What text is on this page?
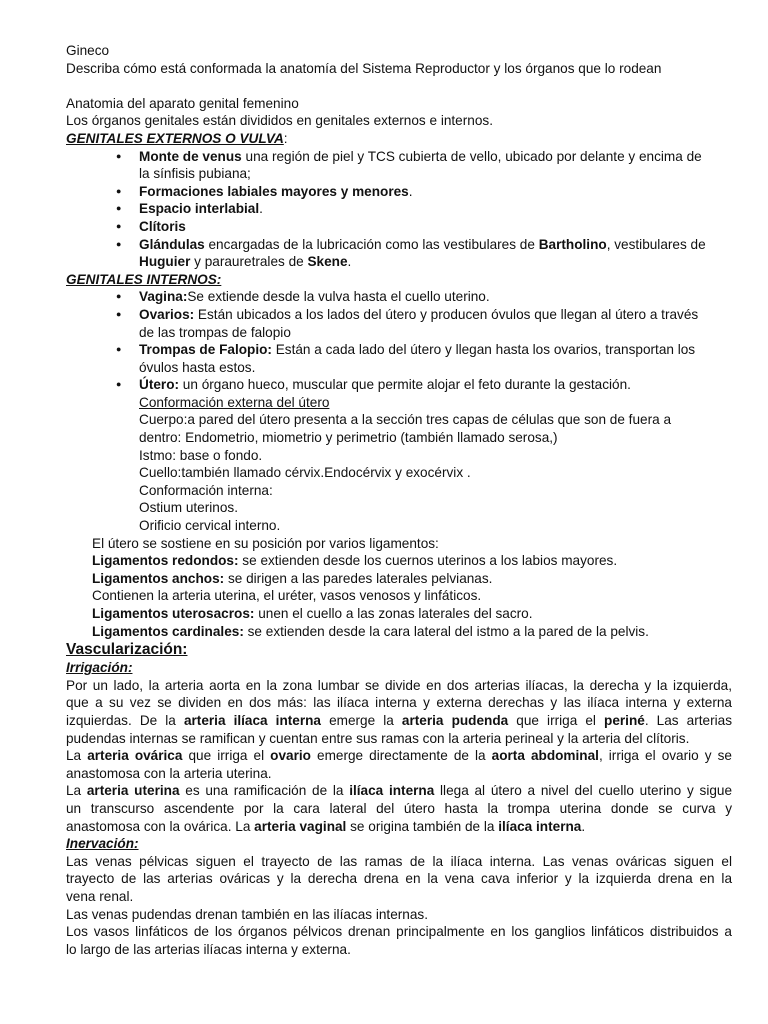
Gineco
Describa cómo está conformada la anatomía del Sistema Reproductor y los órganos que lo rodean
Anatomia del aparato genital femenino
Los órganos genitales están divididos en genitales externos e internos.
GENITALES EXTERNOS O VULVA:
● Monte de venus una región de piel y TCS cubierta de vello, ubicado por delante y encima de
la sínfisis pubiana;
● Formaciones labiales mayores y menores.
● Espacio interlabial.
● Clítoris
● Glándulas encargadas de la lubricación como las vestibulares de Bartholino, vestibulares de
Huguier y parauretrales de Skene.
GENITALES INTERNOS:
● Vagina:Se extiende desde la vulva hasta el cuello uterino.
● Ovarios: Están ubicados a los lados del útero y producen óvulos que llegan al útero a través
de las trompas de falopio
● Trompas de Falopio: Están a cada lado del útero y llegan hasta los ovarios, transportan los
óvulos hasta estos.
● Útero: un órgano hueco, muscular que permite alojar el feto durante la gestación.
Conformación externa del útero
Cuerpo:a pared del útero presenta a la sección tres capas de células que son de fuera a
dentro: Endometrio, miometrio y perimetrio (también llamado serosa,)
Istmo: base o fondo.
Cuello:también llamado cérvix.Endocérvix y exocérvix .
Conformación interna:
Ostium uterinos.
Orificio cervical interno.
El útero se sostiene en su posición por varios ligamentos:
Ligamentos redondos: se extienden desde los cuernos uterinos a los labios mayores.
Ligamentos anchos: se dirigen a las paredes laterales pelvianas.
Contienen la arteria uterina, el uréter, vasos venosos y linfáticos.
Ligamentos uterosacros: unen el cuello a las zonas laterales del sacro.
Ligamentos cardinales: se extienden desde la cara lateral del istmo a la pared de la pelvis.
Vascularización:
Irrigación:
Por un lado, la arteria aorta en la zona lumbar se divide en dos arterias ilíacas, la derecha y la izquierda,
que a su vez se dividen en dos más: las ilíaca interna y externa derechas y las ilíaca interna y externa
izquierdas. De la arteria ilíaca interna emerge la arteria pudenda que irriga el periné. Las arterias
pudendas internas se ramifican y cuentan entre sus ramas con la arteria perineal y la arteria del clítoris.
La arteria ovárica que irriga el ovario emerge directamente de la aorta abdominal, irriga el ovario y se
anastomosa con la arteria uterina.
La arteria uterina es una ramificación de la ilíaca interna llega al útero a nivel del cuello uterino y sigue
un transcurso ascendente por la cara lateral del útero hasta la trompa uterina donde se curva y
anastomosa con la ovárica. La arteria vaginal se origina también de la ilíaca interna.
Inervación:
Las venas pélvicas siguen el trayecto de las ramas de la ilíaca interna. Las venas ováricas siguen el
trayecto de las arterias ováricas y la derecha drena en la vena cava inferior y la izquierda drena en la
vena renal.
Las venas pudendas drenan también en las ilíacas internas.
Los vasos linfáticos de los órganos pélvicos drenan principalmente en los ganglios linfáticos distribuidos a
lo largo de las arterias ilíacas interna y externa.
